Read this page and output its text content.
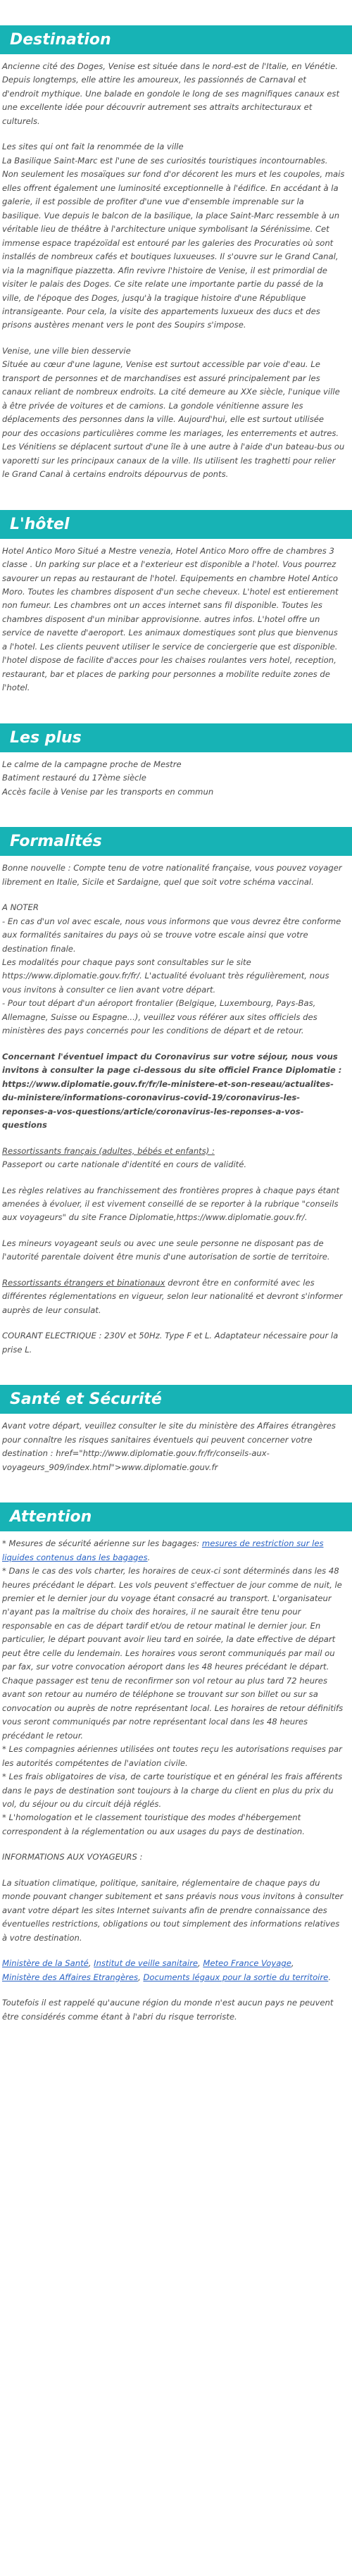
Destination

Ancienne cité des Doges, Venise est située dans le nord-est de l'Italie, en Vénétie. Depuis longtemps, elle attire les amoureux, les passionnés de Carnaval et d'endroit mythique. Une balade en gondole le long de ses magnifiques canaux est une excellente idée pour découvrir autrement ses attraits architecturaux et culturels.

Les sites qui ont fait la renommée de la ville
La Basilique Saint-Marc est l'une de ses curiosités touristiques incontournables. Non seulement les mosaïques sur fond d'or décorent les murs et les coupoles, mais elles offrent également une luminosité exceptionnelle à l'édifice. En accédant à la galerie, il est possible de profiter d'une vue d'ensemble imprenable sur la basilique. Vue depuis le balcon de la basilique, la place Saint-Marc ressemble à un véritable lieu de théâtre à l'architecture unique symbolisant la Sérénissime. Cet immense espace trapézoïdal est entouré par les galeries des Procuraties où sont installés de nombreux cafés et boutiques luxueuses. Il s'ouvre sur le Grand Canal, via la magnifique piazzetta. Afin revivre l'histoire de Venise, il est primordial de visiter le palais des Doges. Ce site relate une importante partie du passé de la ville, de l'époque des Doges, jusqu'à la tragique histoire d'une République intransigeante. Pour cela, la visite des appartements luxueux des ducs et des prisons austères menant vers le pont des Soupirs s'impose.

Venise, une ville bien desservie
Située au cœur d'une lagune, Venise est surtout accessible par voie d'eau. Le transport de personnes et de marchandises est assuré principalement par les canaux reliant de nombreux endroits. La cité demeure au XXe siècle, l'unique ville à être privée de voitures et de camions. La gondole vénitienne assure les déplacements des personnes dans la ville. Aujourd'hui, elle est surtout utilisée pour des occasions particulières comme les mariages, les enterrements et autres. Les Vénitiens se déplacent surtout d'une île à une autre à l'aide d'un bateau-bus ou vaporetti sur les principaux canaux de la ville. Ils utilisent les traghetti pour relier le Grand Canal à certains endroits dépourvus de ponts.

L'hôtel

Hotel Antico Moro Situé a Mestre venezia, Hotel Antico Moro offre de chambres 3 classe . Un parking sur place et a l'exterieur est disponible a l'hotel. Vous pourrez savourer un repas au restaurant de l'hotel. Equipements en chambre Hotel Antico Moro. Toutes les chambres disposent d'un seche cheveux. L'hotel est entierement non fumeur. Les chambres ont un acces internet sans fil disponible. Toutes les chambres disposent d'un minibar approvisionne. autres infos. L'hotel offre un service de navette d'aeroport. Les animaux domestiques sont plus que bienvenus a l'hotel. Les clients peuvent utiliser le service de conciergerie que est disponible. l'hotel dispose de facilite d'acces pour les chaises roulantes vers hotel, reception, restaurant, bar et places de parking pour personnes a mobilite reduite zones de l'hotel.

Les plus

Le calme de la campagne proche de Mestre
Batiment restauré du 17ème siècle
Accès facile à Venise par les transports en commun

Formalités

Bonne nouvelle : Compte tenu de votre nationalité française, vous pouvez voyager librement en Italie, Sicile et Sardaigne, quel que soit votre schéma vaccinal.

A NOTER
- En cas d'un vol avec escale, nous vous informons que vous devrez être conforme aux formalités sanitaires du pays où se trouve votre escale ainsi que votre destination finale.
Les modalités pour chaque pays sont consultables sur le site https://www.diplomatie.gouv.fr/fr/. L'actualité évoluant très régulièrement, nous vous invitons à consulter ce lien avant votre départ.
- Pour tout départ d'un aéroport frontalier (Belgique, Luxembourg, Pays-Bas, Allemagne, Suisse ou Espagne...), veuillez vous référer aux sites officiels des ministères des pays concernés pour les conditions de départ et de retour.

Concernant l'éventuel impact du Coronavirus sur votre séjour, nous vous invitons à consulter la page ci-dessous du site officiel France Diplomatie : https://www.diplomatie.gouv.fr/fr/le-ministere-et-son-reseau/actualites-du-ministere/informations-coronavirus-covid-19/coronavirus-les-reponses-a-vos-questions/article/coronavirus-les-reponses-a-vos-questions

Ressortissants français (adultes, bébés et enfants) :
Passeport ou carte nationale d'identité en cours de validité.

Les règles relatives au franchissement des frontières propres à chaque pays étant amenées à évoluer, il est vivement conseillé de se reporter à la rubrique "conseils aux voyageurs" du site France Diplomatie,https://www.diplomatie.gouv.fr/.

Les mineurs voyageant seuls ou avec une seule personne ne disposant pas de l'autorité parentale doivent être munis d'une autorisation de sortie de territoire.

Ressortissants étrangers et binationaux devront être en conformité avec les différentes réglementations en vigueur, selon leur nationalité et devront s'informer auprès de leur consulat.

COURANT ELECTRIQUE : 230V et 50Hz. Type F et L. Adaptateur nécessaire pour la prise L.

Santé et Sécurité

Avant votre départ, veuillez consulter le site du ministère des Affaires étrangères pour connaître les risques sanitaires éventuels qui peuvent concerner votre
destination : href="http://www.diplomatie.gouv.fr/fr/conseils-aux-voyageurs_909/index.html">www.diplomatie.gouv.fr

Attention

* Mesures de sécurité aérienne sur les bagages: mesures de restriction sur les liquides contenus dans les bagages.

* Dans le cas des vols charter, les horaires de ceux-ci sont déterminés dans les 48 heures précédant le départ. Les vols peuvent s'effectuer de jour comme de nuit, le premier et le dernier jour du voyage étant consacré au transport. L'organisateur n'ayant pas la maîtrise du choix des horaires, il ne saurait être tenu pour responsable en cas de départ tardif et/ou de retour matinal le dernier jour. En particulier, le départ pouvant avoir lieu tard en soirée, la date effective de départ peut être celle du lendemain. Les horaires vous seront communiqués par mail ou par fax, sur votre convocation aéroport dans les 48 heures précédant le départ. Chaque passager est tenu de reconfirmer son vol retour au plus tard 72 heures avant son retour au numéro de téléphone se trouvant sur son billet ou sur sa convocation ou auprès de notre représentant local. Les horaires de retour définitifs vous seront communiqués par notre représentant local dans les 48 heures précédant le retour.

* Les compagnies aériennes utilisées ont toutes reçu les autorisations requises par les autorités compétentes de l'aviation civile.

* Les frais obligatoires de visa, de carte touristique et en général les frais afférents dans le pays de destination sont toujours à la charge du client en plus du prix du vol, du séjour ou du circuit déjà réglés.

* L'homologation et le classement touristique des modes d'hébergement correspondent à la réglementation ou aux usages du pays de destination.

INFORMATIONS AUX VOYAGEURS :

La situation climatique, politique, sanitaire, réglementaire de chaque pays du monde pouvant changer subitement et sans préavis nous vous invitons à consulter avant votre départ les sites Internet suivants afin de prendre connaissance des éventuelles restrictions, obligations ou tout simplement des informations relatives à votre destination.

Ministère de la Santé, Institut de veille sanitaire, Meteo France Voyage,
Ministère des Affaires Etrangères, Documents légaux pour la sortie du territoire.

Toutefois il est rappelé qu'aucune région du monde n'est aucun pays ne peuvent être considérés comme étant à l'abri du risque terroriste.
